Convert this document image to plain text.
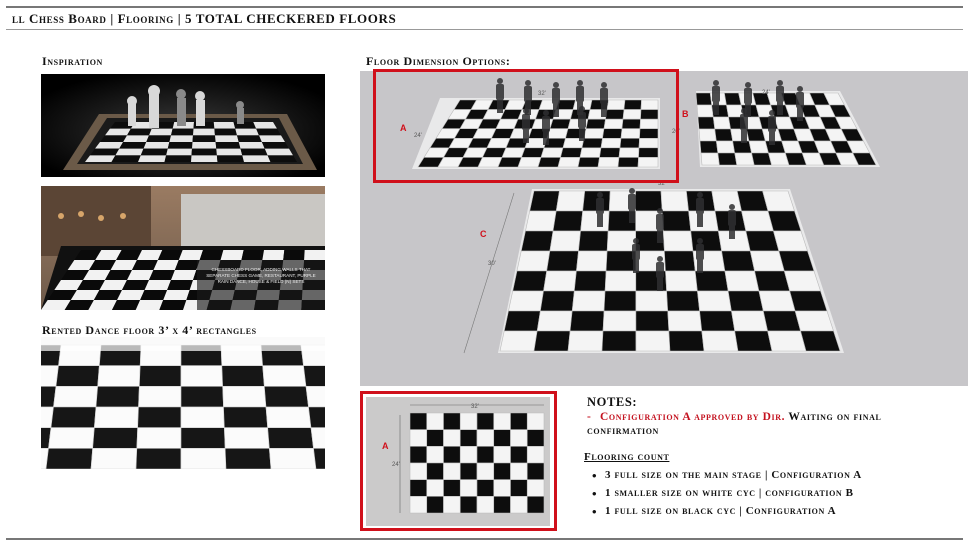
ll Chess Board | Flooring | 5 TOTAL CHECKERED FLOORS
Inspiration
CHESSBOARD FLOOR, ADDING WALLS THAT SEPARATE CHESS GAME, RESTAURANT, PURPLE RAIN DANCE, HOUSE & FIELD (N) SETS
Rented Dance floor 3’ x 4’ rectangles
Floor Dimension Options:
A
32'
24'
B
24'
20'
C
32'
30'
A
32'
24'
NOTES:
- Configuration A approved by Dir. Waiting on final confirmation
Flooring count
• 3 full size on the main stage | Configuration A
• 1 smaller size on white cyc | configuration B
• 1 full size on black cyc | Configuration A
